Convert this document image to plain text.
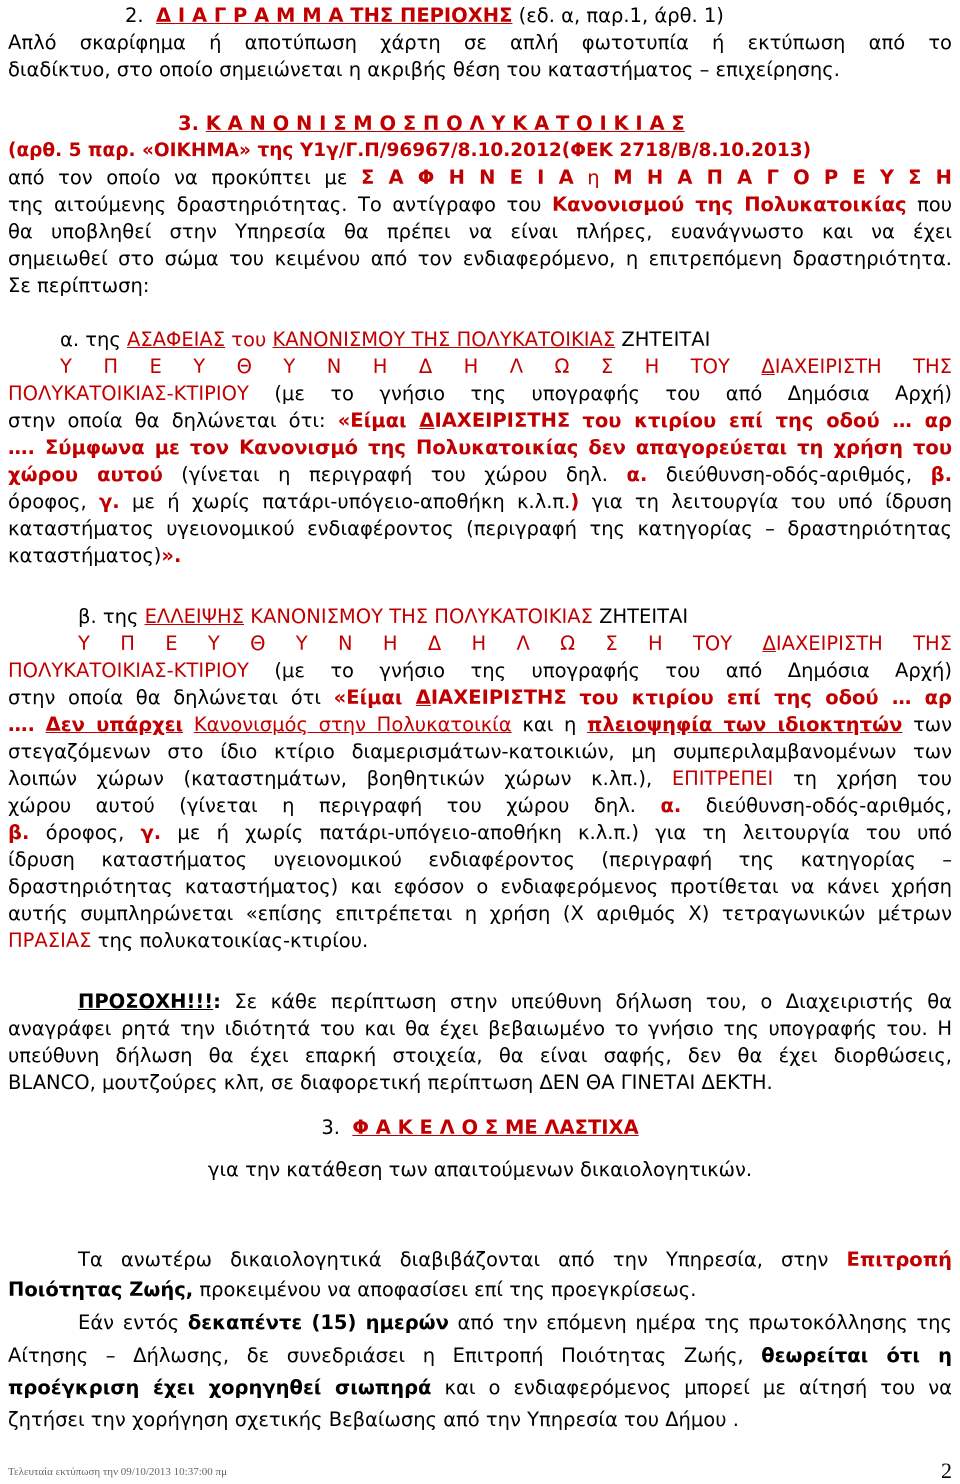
2. Δ Ι Α Γ Ρ Α Μ Μ Α ΤΗΣ ΠΕΡΙΟΧΗΣ (εδ. α, παρ.1, άρθ. 1)
Απλό σκαρίφημα ή αποτύπωση χάρτη σε απλή φωτοτυπία ή εκτύπωση από το
διαδίκτυο, στο οποίο σημειώνεται η ακριβής θέση του καταστήματος – επιχείρησης.
3. Κ Α Ν Ο Ν Ι Σ Μ Ο Σ Π Ο Λ Υ Κ Α Τ Ο Ι Κ Ι Α Σ
(αρθ. 5 παρ. «ΟΙΚΗΜΑ» της Υ1γ/Γ.Π/96967/8.10.2012(ΦΕΚ 2718/Β/8.10.2013)
από τον οποίο να προκύπτει με Σ Α Φ Η Ν Ε Ι Α η Μ Η Α Π Α Γ Ο Ρ Ε Υ Σ Η
της αιτούμενης δραστηριότητας. Το αντίγραφο του Κανονισμού της Πολυκατοικίας που
θα υποβληθεί στην Υπηρεσία θα πρέπει να είναι πλήρες, ευανάγνωστο και να έχει
σημειωθεί στο σώμα του κειμένου από τον ενδιαφερόμενο, η επιτρεπόμενη δραστηριότητα.
Σε περίπτωση:
α. της ΑΣΑΦΕΙΑΣ του ΚΑΝΟΝΙΣΜΟΥ ΤΗΣ ΠΟΛΥΚΑΤΟΙΚΙΑΣ ΖΗΤΕΙΤΑΙ
Υ Π Ε Υ Θ Υ Ν Η Δ Η Λ Ω Σ Η ΤΟΥ ΔΙΑΧΕΙΡΙΣΤΗ ΤΗΣ
ΠΟΛΥΚΑΤΟΙΚΙΑΣ-ΚΤΙΡΙΟΥ (με το γνήσιο της υπογραφής του από Δημόσια Αρχή)
στην οποία θα δηλώνεται ότι: «Είμαι ΔΙΑΧΕΙΡΙΣΤΗΣ του κτιρίου επί της οδού … αρ
…. Σύμφωνα με τον Κανονισμό της Πολυκατοικίας δεν απαγορεύεται τη χρήση του
χώρου αυτού (γίνεται η περιγραφή του χώρου δηλ. α. διεύθυνση-οδός-αριθμός, β.
όροφος, γ. με ή χωρίς πατάρι-υπόγειο-αποθήκη κ.λ.π.) για τη λειτουργία του υπό ίδρυση
καταστήματος υγειονομικού ενδιαφέροντος (περιγραφή της κατηγορίας – δραστηριότητας
καταστήματος)».
β. της ΕΛΛΕΙΨΗΣ ΚΑΝΟΝΙΣΜΟΥ ΤΗΣ ΠΟΛΥΚΑΤΟΙΚΙΑΣ ΖΗΤΕΙΤΑΙ
Υ Π Ε Υ Θ Υ Ν Η Δ Η Λ Ω Σ Η ΤΟΥ ΔΙΑΧΕΙΡΙΣΤΗ ΤΗΣ
ΠΟΛΥΚΑΤΟΙΚΙΑΣ-ΚΤΙΡΙΟΥ (με το γνήσιο της υπογραφής του από Δημόσια Αρχή)
στην οποία θα δηλώνεται ότι «Είμαι ΔΙΑΧΕΙΡΙΣΤΗΣ του κτιρίου επί της οδού … αρ
…. Δεν υπάρχει Κανονισμός στην Πολυκατοικία και η πλειοψηφία των ιδιοκτητών των
στεγαζόμενων στο ίδιο κτίριο διαμερισμάτων-κατοικιών, μη συμπεριλαμβανομένων των
λοιπών χώρων (καταστημάτων, βοηθητικών χώρων κ.λπ.), ΕΠΙΤΡΕΠΕΙ τη χρήση του
χώρου αυτού (γίνεται η περιγραφή του χώρου δηλ. α. διεύθυνση-οδός-αριθμός,
β. όροφος, γ. με ή χωρίς πατάρι-υπόγειο-αποθήκη κ.λ.π.) για τη λειτουργία του υπό
ίδρυση καταστήματος υγειονομικού ενδιαφέροντος (περιγραφή της κατηγορίας –
δραστηριότητας καταστήματος) και εφόσον ο ενδιαφερόμενος προτίθεται να κάνει χρήση
αυτής συμπληρώνεται «επίσης επιτρέπεται η χρήση (Χ αριθμός Χ) τετραγωνικών μέτρων
ΠΡΑΣΙΑΣ της πολυκατοικίας-κτιρίου.
ΠΡΟΣΟΧΗ!!!: Σε κάθε περίπτωση στην υπεύθυνη δήλωση του, ο Διαχειριστής θα
αναγράφει ρητά την ιδιότητά του και θα έχει βεβαιωμένο το γνήσιο της υπογραφής του. Η
υπεύθυνη δήλωση θα έχει επαρκή στοιχεία, θα είναι σαφής, δεν θα έχει διορθώσεις,
BLANCO, μουτζούρες κλπ, σε διαφορετική περίπτωση ΔΕΝ ΘΑ ΓΙΝΕΤΑΙ ΔΕΚΤΗ.
3. Φ Α Κ Ε Λ Ο Σ ΜΕ ΛΑΣΤΙΧΑ
για την κατάθεση των απαιτούμενων δικαιολογητικών.
Τα ανωτέρω δικαιολογητικά διαβιβάζονται από την Υπηρεσία, στην Επιτροπή
Ποιότητας Ζωής, προκειμένου να αποφασίσει επί της προεγκρίσεως.
Εάν εντός δεκαπέντε (15) ημερών από την επόμενη ημέρα της πρωτοκόλλησης της
Αίτησης – Δήλωσης, δε συνεδριάσει η Επιτροπή Ποιότητας Ζωής, θεωρείται ότι η
προέγκριση έχει χορηγηθεί σιωπηρά και ο ενδιαφερόμενος μπορεί με αίτησή του να
ζητήσει την χορήγηση σχετικής Βεβαίωσης από την Υπηρεσία του Δήμου .
Τελευταία εκτύπωση την 09/10/2013 10:37:00 πμ	2
